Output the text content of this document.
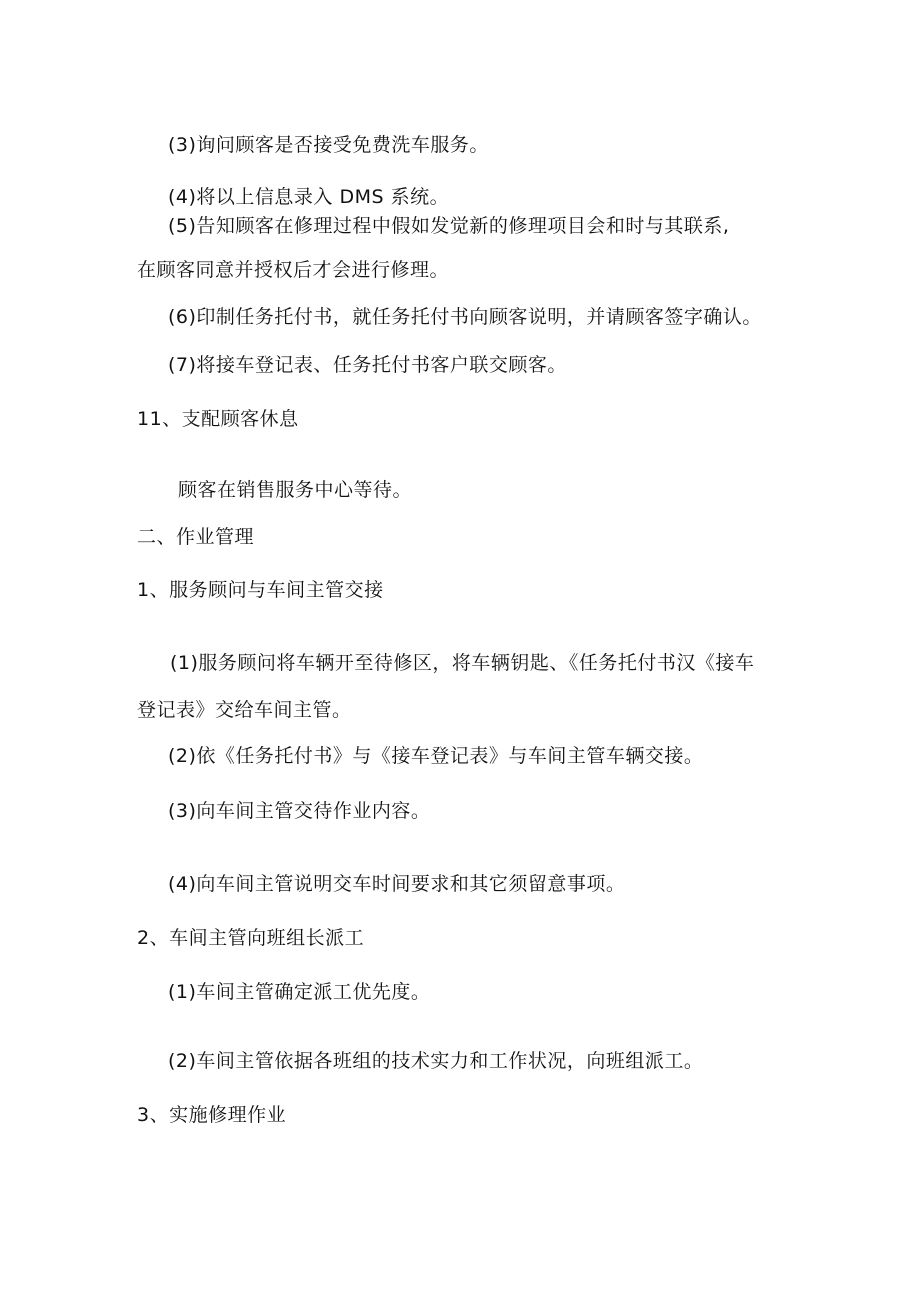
(3)询问顾客是否接受免费洗车服务。
(4)将以上信息录入 DMS 系统。
(5)告知顾客在修理过程中假如发觉新的修理项目会和时与其联系,
在顾客同意并授权后才会进行修理。
(6)印制任务托付书，就任务托付书向顾客说明，并请顾客签字确认。
(7)将接车登记表、任务托付书客户联交顾客。
11、支配顾客休息
顾客在销售服务中心等待。
二、作业管理
1、服务顾问与车间主管交接
(1)服务顾问将车辆开至待修区，将车辆钥匙、《任务托付书汉《接车
登记表》交给车间主管。
(2)依《任务托付书》与《接车登记表》与车间主管车辆交接。
(3)向车间主管交待作业内容。
(4)向车间主管说明交车时间要求和其它须留意事项。
2、车间主管向班组长派工
(1)车间主管确定派工优先度。
(2)车间主管依据各班组的技术实力和工作状况，向班组派工。
3、实施修理作业
